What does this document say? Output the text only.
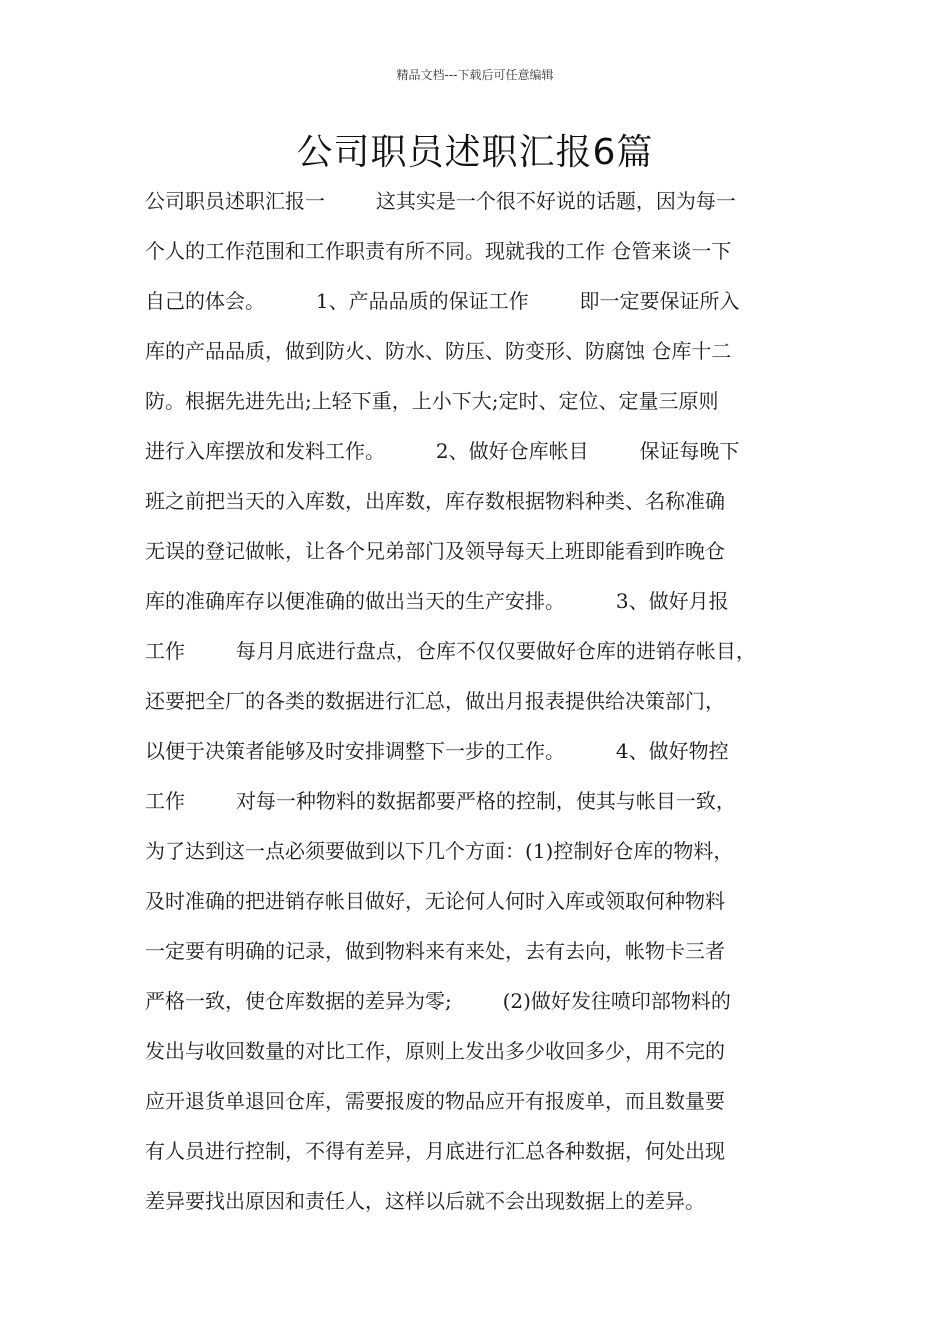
精品文档---下载后可任意编辑
公司职员述职汇报6篇
公司职员述职汇报一        这其实是一个很不好说的话题，因为每一
个人的工作范围和工作职责有所不同。现就我的工作 仓管来谈一下
自己的体会。        1、产品品质的保证工作        即一定要保证所入
库的产品品质，做到防火、防水、防压、防变形、防腐蚀 仓库十二
防。根据先进先出;上轻下重，上小下大;定时、定位、定量三原则
进行入库摆放和发料工作。        2、做好仓库帐目        保证每晚下
班之前把当天的入库数，出库数，库存数根据物料种类、名称准确
无误的登记做帐，让各个兄弟部门及领导每天上班即能看到昨晚仓
库的准确库存以便准确的做出当天的生产安排。        3、做好月报
工作        每月月底进行盘点，仓库不仅仅要做好仓库的进销存帐目，
还要把全厂的各类的数据进行汇总，做出月报表提供给决策部门，
以便于决策者能够及时安排调整下一步的工作。        4、做好物控
工作        对每一种物料的数据都要严格的控制，使其与帐目一致，
为了达到这一点必须要做到以下几个方面：(1)控制好仓库的物料，
及时准确的把进销存帐目做好，无论何人何时入库或领取何种物料
一定要有明确的记录，做到物料来有来处，去有去向，帐物卡三者
严格一致，使仓库数据的差异为零;        (2)做好发往喷印部物料的
发出与收回数量的对比工作，原则上发出多少收回多少，用不完的
应开退货单退回仓库，需要报废的物品应开有报废单，而且数量要
有人员进行控制，不得有差异，月底进行汇总各种数据，何处出现
差异要找出原因和责任人，这样以后就不会出现数据上的差异。
